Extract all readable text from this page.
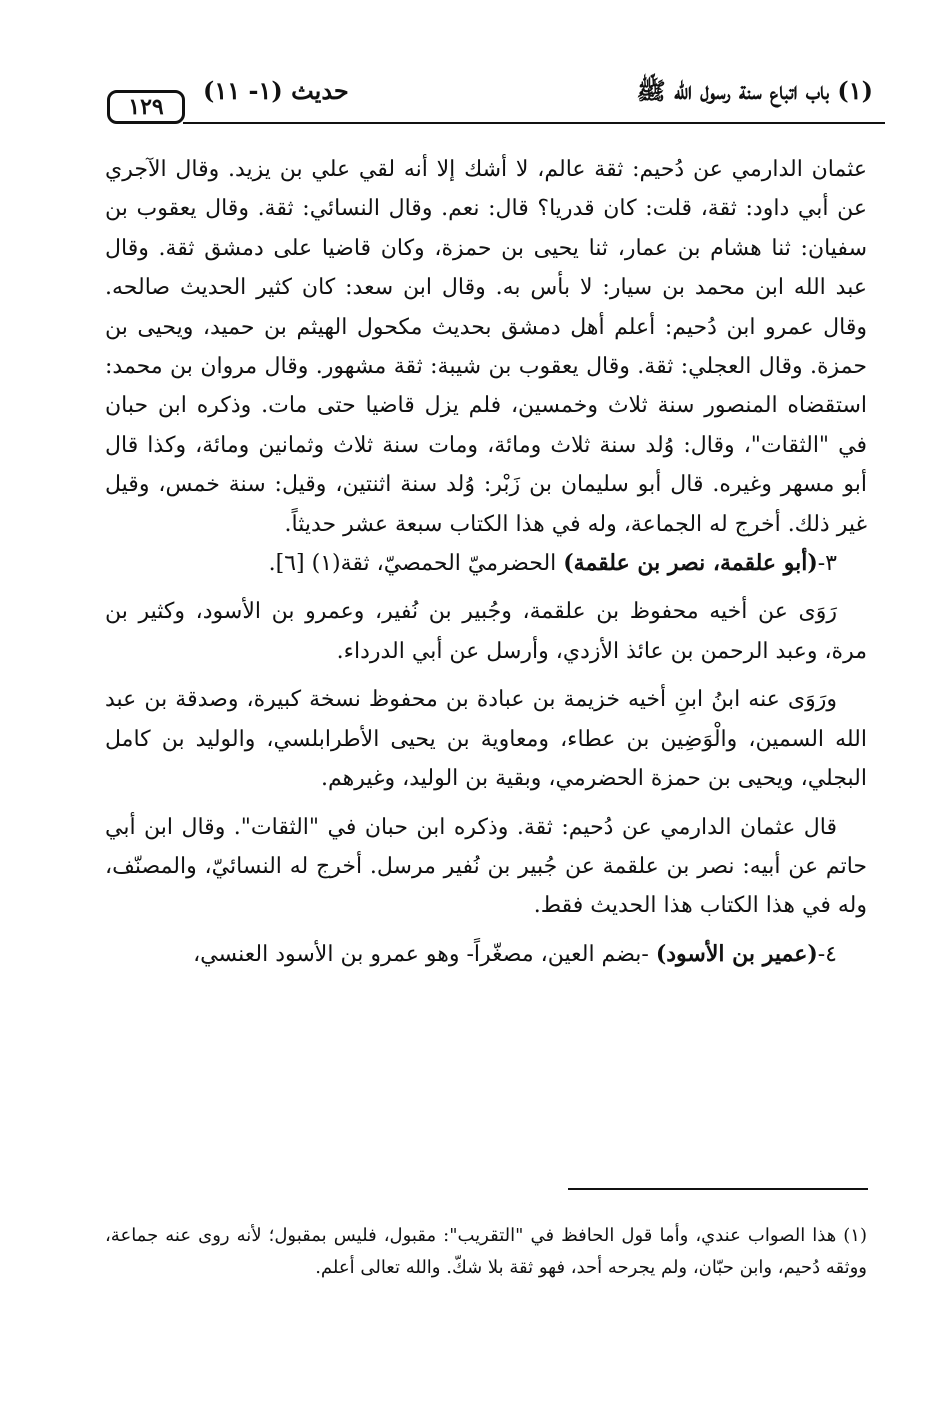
١٢٩
حديث (١- ١١)	(١) باب اتباع سنة رسول الله ﷺ

عثمان الدارمي عن دُحيم: ثقة عالم، لا أشك إلا أنه لقي علي بن يزيد. وقال الآجري عن أبي داود: ثقة، قلت: كان قدريا؟ قال: نعم. وقال النسائي: ثقة. وقال يعقوب بن سفيان: ثنا هشام بن عمار، ثنا يحيى بن حمزة، وكان قاضيا على دمشق ثقة. وقال عبد الله ابن محمد بن سيار: لا بأس به. وقال ابن سعد: كان كثير الحديث صالحه. وقال عمرو ابن دُحيم: أعلم أهل دمشق بحديث مكحول الهيثم بن حميد، ويحيى بن حمزة. وقال العجلي: ثقة. وقال يعقوب بن شيبة: ثقة مشهور. وقال مروان بن محمد: استقضاه المنصور سنة ثلاث وخمسين، فلم يزل قاضيا حتى مات. وذكره ابن حبان في "الثقات"، وقال: وُلد سنة ثلاث ومائة، ومات سنة ثلاث وثمانين ومائة، وكذا قال أبو مسهر وغيره. قال أبو سليمان بن زَبْر: وُلد سنة اثنتين، وقيل: سنة خمس، وقيل غير ذلك. أخرج له الجماعة، وله في هذا الكتاب سبعة عشر حديثاً.

٣-(أبو علقمة، نصر بن علقمة) الحضرميّ الحمصيّ، ثقة(١) [٦].

رَوَى عن أخيه محفوظ بن علقمة، وجُبير بن نُفير، وعمرو بن الأسود، وكثير بن مرة، وعبد الرحمن بن عائذ الأزدي، وأرسل عن أبي الدرداء.

ورَوَى عنه ابنُ ابنِ أخيه خزيمة بن عبادة بن محفوظ نسخة كبيرة، وصدقة بن عبد الله السمين، والْوَضِين بن عطاء، ومعاوية بن يحيى الأطرابلسي، والوليد بن كامل البجلي، ويحيى بن حمزة الحضرمي، وبقية بن الوليد، وغيرهم.

قال عثمان الدارمي عن دُحيم: ثقة. وذكره ابن حبان في "الثقات". وقال ابن أبي حاتم عن أبيه: نصر بن علقمة عن جُبير بن نُفير مرسل. أخرج له النسائيّ، والمصنّف، وله في هذا الكتاب هذا الحديث فقط.

٤-(عمير بن الأسود) -بضم العين، مصغّراً- وهو عمرو بن الأسود العنسي،

(١) هذا الصواب عندي، وأما قول الحافظ في "التقريب": مقبول، فليس بمقبول؛ لأنه روى عنه جماعة، ووثقه دُحيم، وابن حبّان، ولم يجرحه أحد، فهو ثقة بلا شكّ. والله تعالى أعلم.
